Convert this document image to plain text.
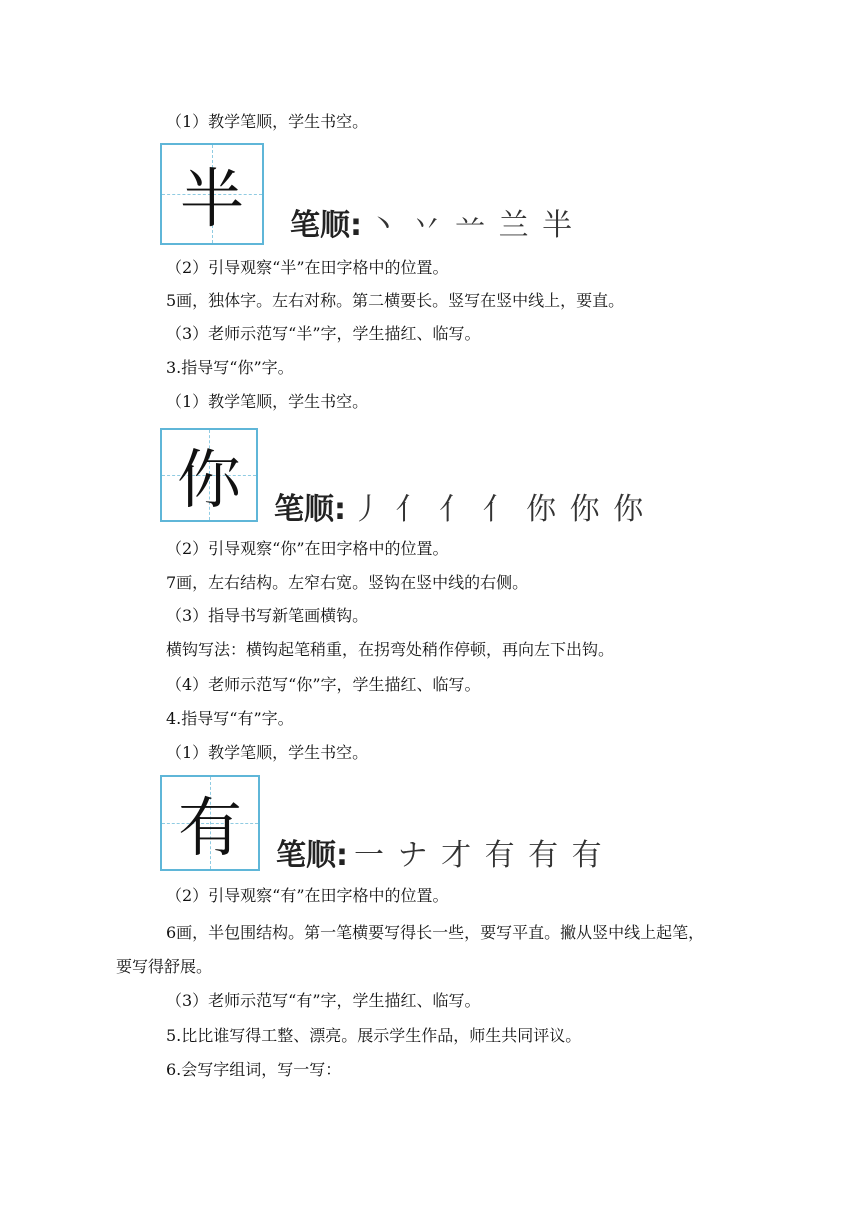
（1）教学笔顺，学生书空。
半	笔顺: 丶 丷 䒑 兰 半
（2）引导观察“半”在田字格中的位置。
5画，独体字。左右对称。第二横要长。竖写在竖中线上，要直。
（3）老师示范写“半”字，学生描红、临写。
3.指导写“你”字。
（1）教学笔顺，学生书空。
你	笔顺: 丿 亻 亻 亻 你 你 你
（2）引导观察“你”在田字格中的位置。
7画，左右结构。左窄右宽。竖钩在竖中线的右侧。
（3）指导书写新笔画横钩。
横钩写法：横钩起笔稍重，在拐弯处稍作停顿，再向左下出钩。
（4）老师示范写“你”字，学生描红、临写。
4.指导写“有”字。
（1）教学笔顺，学生书空。
有	笔顺: 一 ナ 才 有 有 有
（2）引导观察“有”在田字格中的位置。
6画，半包围结构。第一笔横要写得长一些，要写平直。撇从竖中线上起笔，
要写得舒展。
（3）老师示范写“有”字，学生描红、临写。
5.比比谁写得工整、漂亮。展示学生作品，师生共同评议。
6.会写字组词，写一写：
